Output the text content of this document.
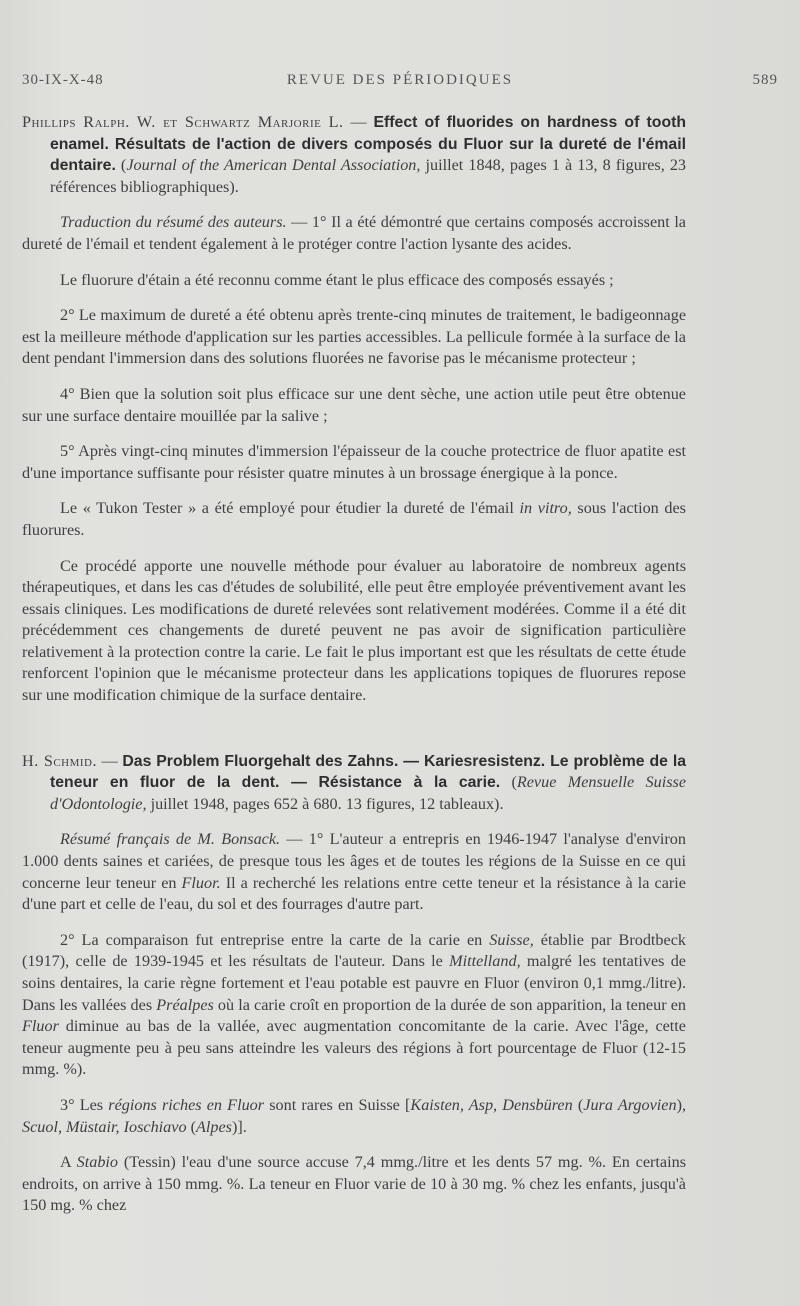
30-IX-X-48	REVUE DES PÉRIODIQUES	589

Phillips Ralph. W. et Schwartz Marjorie L. — Effect of fluorides on hardness of tooth enamel. Résultats de l'action de divers composés du Fluor sur la dureté de l'émail dentaire. (Journal of the American Dental Association, juillet 1848, pages 1 à 13, 8 figures, 23 références bibliographiques).

Traduction du résumé des auteurs. — 1° Il a été démontré que certains composés accroissent la dureté de l'émail et tendent également à le protéger contre l'action lysante des acides.

Le fluorure d'étain a été reconnu comme étant le plus efficace des composés essayés ;

2° Le maximum de dureté a été obtenu après trente-cinq minutes de traitement, le badigeonnage est la meilleure méthode d'application sur les parties accessibles. La pellicule formée à la surface de la dent pendant l'immersion dans des solutions fluorées ne favorise pas le mécanisme protecteur ;

4° Bien que la solution soit plus efficace sur une dent sèche, une action utile peut être obtenue sur une surface dentaire mouillée par la salive ;

5° Après vingt-cinq minutes d'immersion l'épaisseur de la couche protectrice de fluor apatite est d'une importance suffisante pour résister quatre minutes à un brossage énergique à la ponce.

Le « Tukon Tester » a été employé pour étudier la dureté de l'émail in vitro, sous l'action des fluorures.

Ce procédé apporte une nouvelle méthode pour évaluer au laboratoire de nombreux agents thérapeutiques, et dans les cas d'études de solubilité, elle peut être employée préventivement avant les essais cliniques. Les modifications de dureté relevées sont relativement modérées. Comme il a été dit précédemment ces changements de dureté peuvent ne pas avoir de signification particulière relativement à la protection contre la carie. Le fait le plus important est que les résultats de cette étude renforcent l'opinion que le mécanisme protecteur dans les applications topiques de fluorures repose sur une modification chimique de la surface dentaire.

H. Schmid. — Das Problem Fluorgehalt des Zahns. — Kariesresistenz. Le problème de la teneur en fluor de la dent. — Résistance à la carie. (Revue Mensuelle Suisse d'Odontologie, juillet 1948, pages 652 à 680. 13 figures, 12 tableaux).

Résumé français de M. Bonsack. — 1° L'auteur a entrepris en 1946-1947 l'analyse d'environ 1.000 dents saines et cariées, de presque tous les âges et de toutes les régions de la Suisse en ce qui concerne leur teneur en Fluor. Il a recherché les relations entre cette teneur et la résistance à la carie d'une part et celle de l'eau, du sol et des fourrages d'autre part.

2° La comparaison fut entreprise entre la carte de la carie en Suisse, établie par Brodtbeck (1917), celle de 1939-1945 et les résultats de l'auteur. Dans le Mittelland, malgré les tentatives de soins dentaires, la carie règne fortement et l'eau potable est pauvre en Fluor (environ 0,1 mmg./litre). Dans les vallées des Préalpes où la carie croît en proportion de la durée de son apparition, la teneur en Fluor diminue au bas de la vallée, avec augmentation concomitante de la carie. Avec l'âge, cette teneur augmente peu à peu sans atteindre les valeurs des régions à fort pourcentage de Fluor (12-15 mmg. %).

3° Les régions riches en Fluor sont rares en Suisse [Kaisten, Asp, Densbüren (Jura Argovien), Scuol, Müstair, Ioschiavo (Alpes)].

A Stabio (Tessin) l'eau d'une source accuse 7,4 mmg./litre et les dents 57 mg. %. En certains endroits, on arrive à 150 mmg. %. La teneur en Fluor varie de 10 à 30 mg. % chez les enfants, jusqu'à 150 mg. % chez
